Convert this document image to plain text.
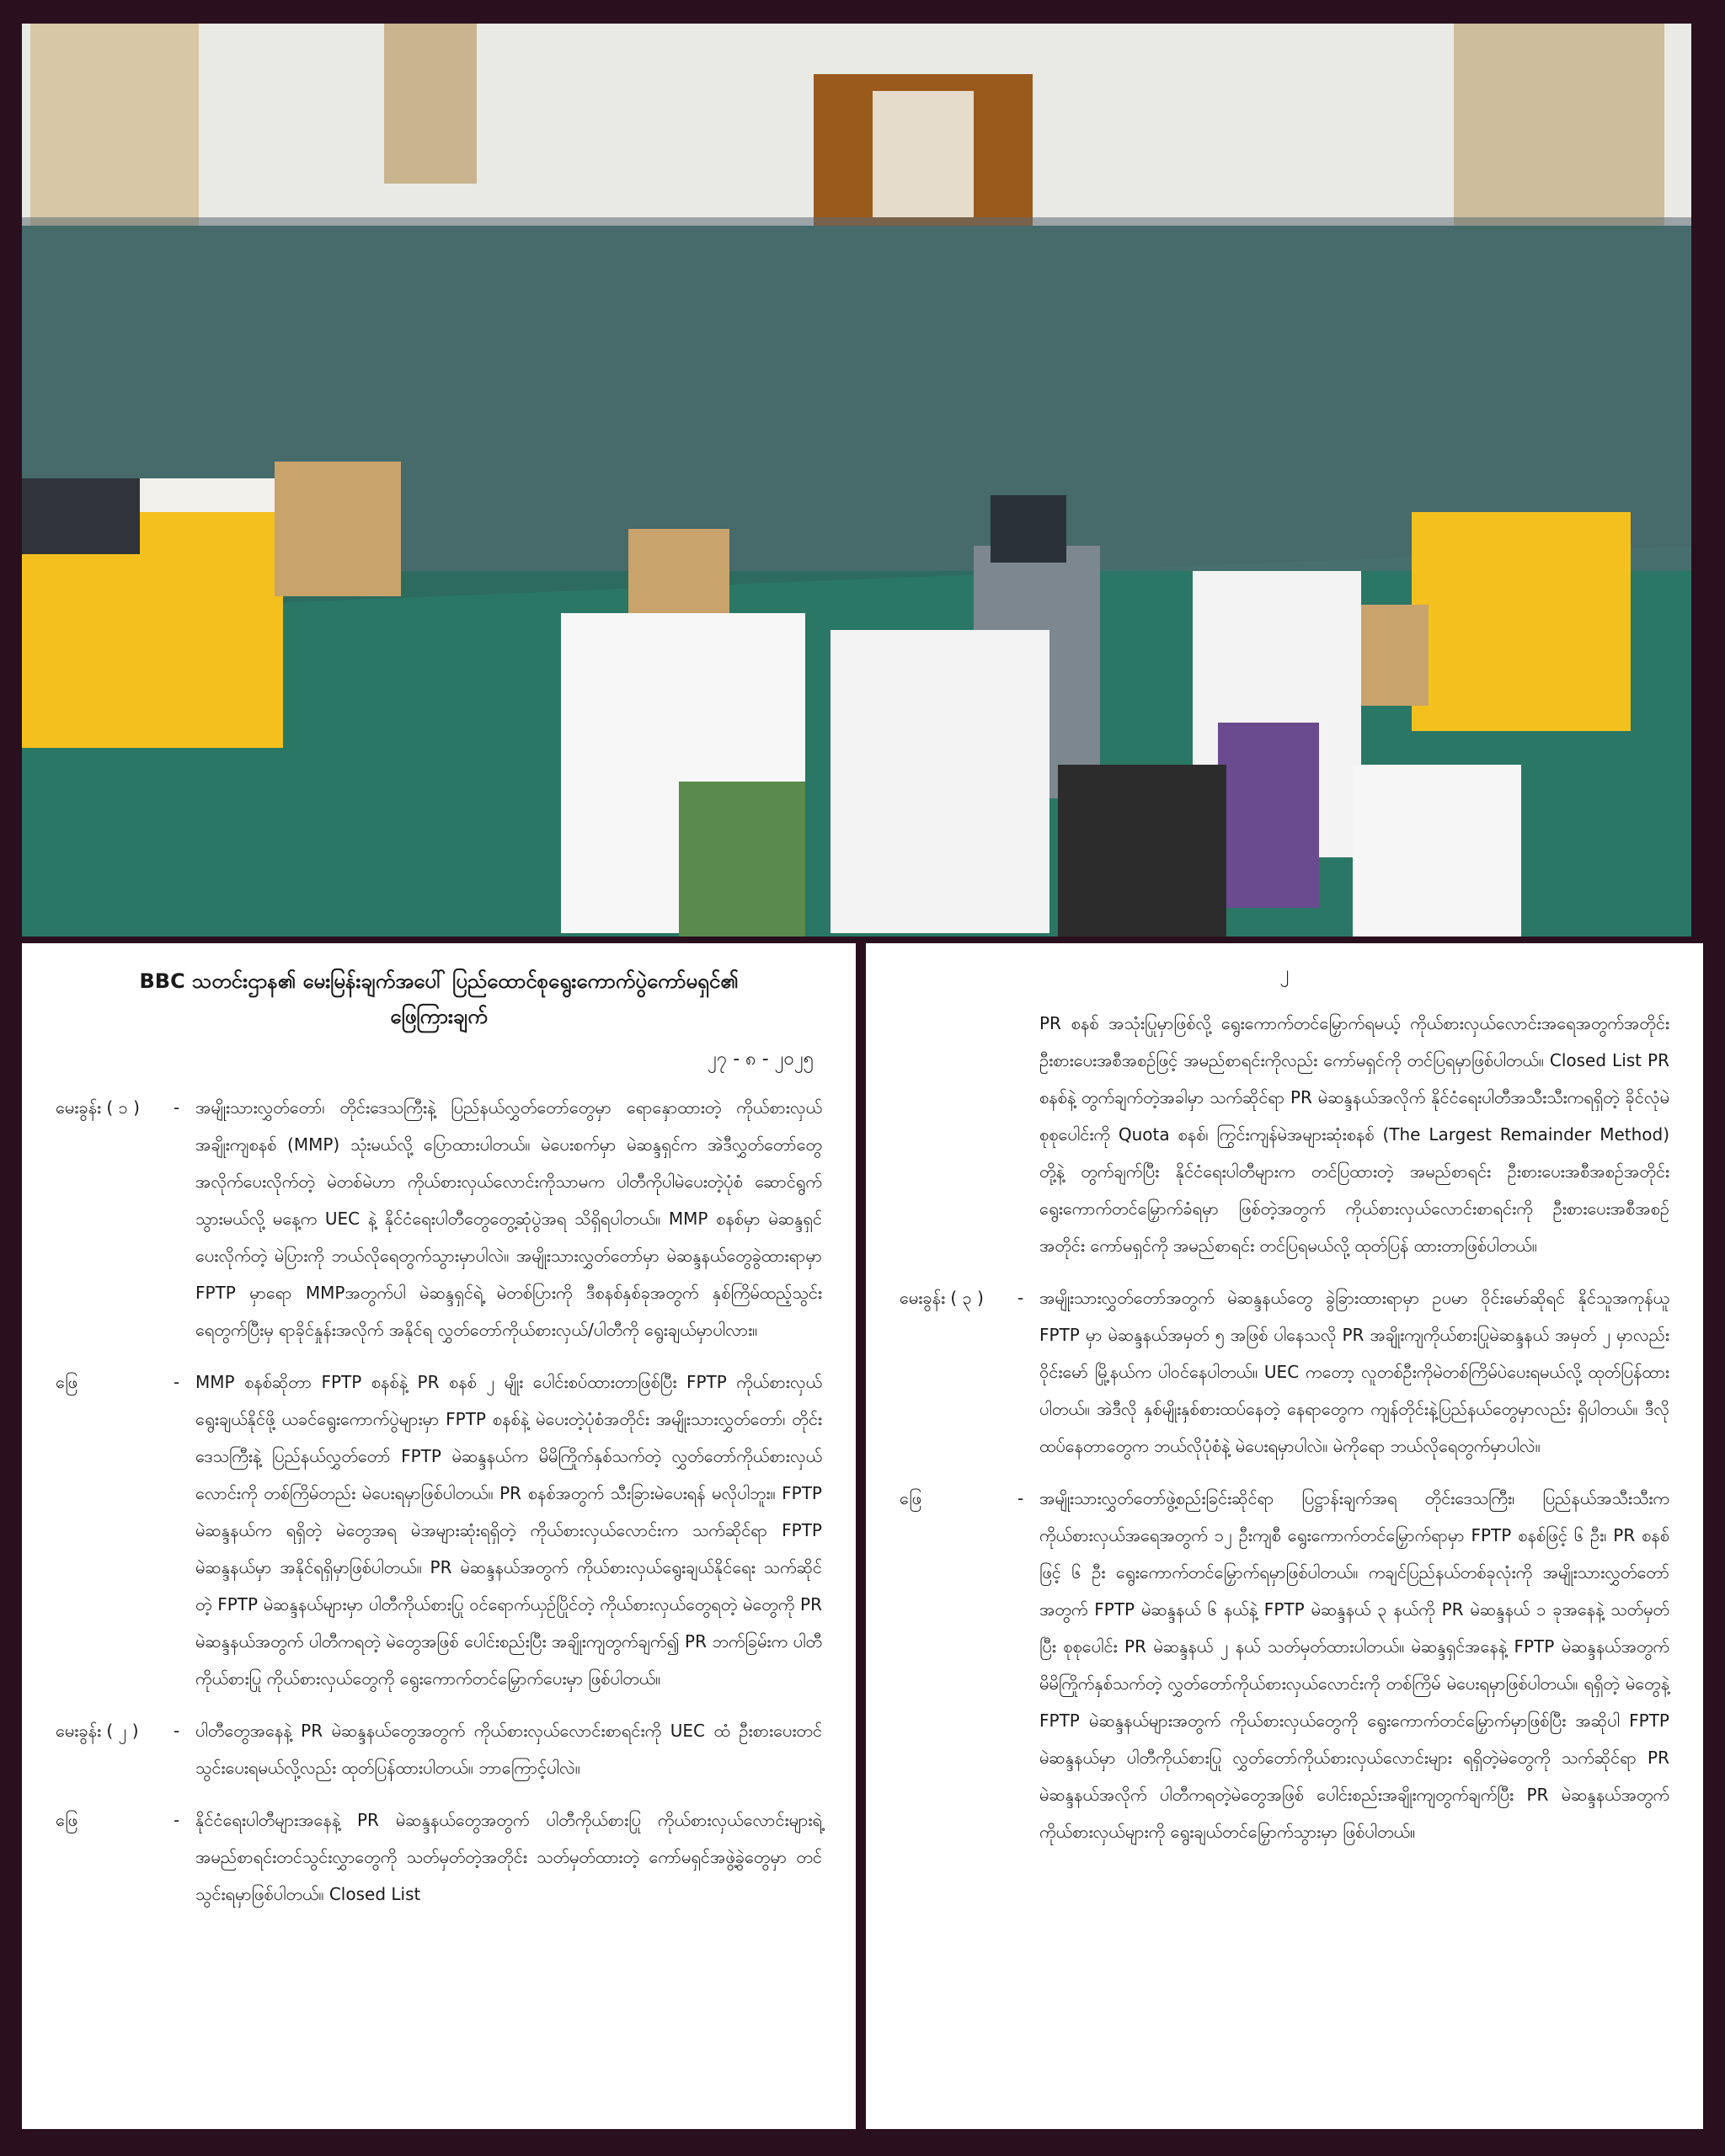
BBC သတင်းဌာန၏ မေးမြန်းချက်အပေါ် ပြည်ထောင်စုရွေးကောက်ပွဲကော်မရှင်၏
ဖြေကြားချက်
၂၇ - ၈ - ၂၀၂၅
မေးခွန်း ( ၁ )	- အမျိုးသားလွှတ်တော်၊ တိုင်းဒေသကြီးနဲ့ ပြည်နယ်လွှတ်တော်တွေမှာ ရောနှောထားတဲ့ ကိုယ်စားလှယ်အချိုးကျစနစ် (MMP) သုံးမယ်လို့ ပြောထားပါတယ်။ မဲပေးစက်မှာ မဲဆန္ဒရှင်က အဲဒီလွှတ်တော်တွေအလိုက်ပေးလိုက်တဲ့ မဲတစ်မဲဟာ ကိုယ်စားလှယ်လောင်းကိုသာမက ပါတီကိုပါမဲပေးတဲ့ပုံစံ ဆောင်ရွက်သွားမယ်လို့ မနေ့က UEC နဲ့ နိုင်ငံရေးပါတီတွေတွေ့ဆုံပွဲအရ သိရှိရပါတယ်။ MMP စနစ်မှာ မဲဆန္ဒရှင်ပေးလိုက်တဲ့ မဲပြားကို ဘယ်လိုရေတွက်သွားမှာပါလဲ။ အမျိုးသားလွှတ်တော်မှာ မဲဆန္ဒနယ်တွေခွဲထားရာမှာ FPTP မှာရော MMPအတွက်ပါ မဲဆန္ဒရှင်ရဲ့ မဲတစ်ပြားကို ဒီစနစ်နှစ်ခုအတွက် နှစ်ကြိမ်ထည့်သွင်းရေတွက်ပြီးမှ ရာခိုင်နှုန်းအလိုက် အနိုင်ရ လွှတ်တော်ကိုယ်စားလှယ်/ပါတီကို ရွေးချယ်မှာပါလား။
ဖြေ	- MMP စနစ်ဆိုတာ FPTP စနစ်နဲ့ PR စနစ် ၂ မျိုး ပေါင်းစပ်ထားတာဖြစ်ပြီး FPTP ကိုယ်စားလှယ် ရွေးချယ်နိုင်ဖို့ ယခင်ရွေးကောက်ပွဲများမှာ FPTP စနစ်နဲ့ မဲပေးတဲ့ပုံစံအတိုင်း အမျိုးသားလွှတ်တော်၊ တိုင်းဒေသကြီးနဲ့ ပြည်နယ်လွှတ်တော် FPTP မဲဆန္ဒနယ်က မိမိကြိုက်နှစ်သက်တဲ့ လွှတ်တော်ကိုယ်စားလှယ်လောင်းကို တစ်ကြိမ်တည်း မဲပေးရမှာဖြစ်ပါတယ်။ PR စနစ်အတွက် သီးခြားမဲပေးရန် မလိုပါဘူး။ FPTP မဲဆန္ဒနယ်က ရရှိတဲ့ မဲတွေအရ မဲအများဆုံးရရှိတဲ့ ကိုယ်စားလှယ်လောင်းက သက်ဆိုင်ရာ FPTP မဲဆန္ဒနယ်မှာ အနိုင်ရရှိမှာဖြစ်ပါတယ်။ PR မဲဆန္ဒနယ်အတွက် ကိုယ်စားလှယ်ရွေးချယ်နိုင်ရေး သက်ဆိုင်တဲ့ FPTP မဲဆန္ဒနယ်များမှာ ပါတီကိုယ်စားပြု ဝင်ရောက်ယှဉ်ပြိုင်တဲ့ ကိုယ်စားလှယ်တွေရတဲ့ မဲတွေကို PR မဲဆန္ဒနယ်အတွက် ပါတီကရတဲ့ မဲတွေအဖြစ် ပေါင်းစည်းပြီး အချိုးကျတွက်ချက်၍ PR ဘက်ခြမ်းက ပါတီကိုယ်စားပြု ကိုယ်စားလှယ်တွေကို ရွေးကောက်တင်မြှောက်ပေးမှာ ဖြစ်ပါတယ်။
မေးခွန်း ( ၂ )	- ပါတီတွေအနေနဲ့ PR မဲဆန္ဒနယ်တွေအတွက် ကိုယ်စားလှယ်လောင်းစာရင်းကို UEC ထံ ဦးစားပေးတင်သွင်းပေးရမယ်လို့လည်း ထုတ်ပြန်ထားပါတယ်။ ဘာကြောင့်ပါလဲ။
ဖြေ	- နိုင်ငံရေးပါတီများအနေနဲ့ PR မဲဆန္ဒနယ်တွေအတွက် ပါတီကိုယ်စားပြု ကိုယ်စားလှယ်လောင်းများရဲ့ အမည်စာရင်းတင်သွင်းလွှာတွေကို သတ်မှတ်တဲ့အတိုင်း သတ်မှတ်ထားတဲ့ ကော်မရှင်အဖွဲ့ခွဲတွေမှာ တင်သွင်းရမှာဖြစ်ပါတယ်။ Closed List
၂
PR စနစ် အသုံးပြုမှာဖြစ်လို့ ရွေးကောက်တင်မြှောက်ရမယ့် ကိုယ်စားလှယ်လောင်းအရေအတွက်အတိုင်း ဦးစားပေးအစီအစဉ်ဖြင့် အမည်စာရင်းကိုလည်း ကော်မရှင်ကို တင်ပြရမှာဖြစ်ပါတယ်။ Closed List PR စနစ်နဲ့ တွက်ချက်တဲ့အခါမှာ သက်ဆိုင်ရာ PR မဲဆန္ဒနယ်အလိုက် နိုင်ငံရေးပါတီအသီးသီးကရရှိတဲ့ ခိုင်လုံမဲစုစုပေါင်းကို Quota စနစ်၊ ကြွင်းကျန်မဲအများဆုံးစနစ် (The Largest Remainder Method) တို့နဲ့ တွက်ချက်ပြီး နိုင်ငံရေးပါတီများက တင်ပြထားတဲ့ အမည်စာရင်း ဦးစားပေးအစီအစဉ်အတိုင်း ရွေးကောက်တင်မြှောက်ခံရမှာ ဖြစ်တဲ့အတွက် ကိုယ်စားလှယ်လောင်းစာရင်းကို ဦးစားပေးအစီအစဉ်အတိုင်း ကော်မရှင်ကို အမည်စာရင်း တင်ပြရမယ်လို့ ထုတ်ပြန် ထားတာဖြစ်ပါတယ်။
မေးခွန်း ( ၃ )	- အမျိုးသားလွှတ်တော်အတွက် မဲဆန္ဒနယ်တွေ ခွဲခြားထားရာမှာ ဥပမာ ဝိုင်းမော်ဆိုရင် နိုင်သူအကုန်ယူ FPTP မှာ မဲဆန္ဒနယ်အမှတ် ၅ အဖြစ် ပါနေသလို PR အချိုးကျကိုယ်စားပြုမဲဆန္ဒနယ် အမှတ် ၂ မှာလည်း ဝိုင်းမော် မြို့နယ်က ပါဝင်နေပါတယ်။ UEC ကတော့ လူတစ်ဦးကိုမဲတစ်ကြိမ်ပဲပေးရမယ်လို့ ထုတ်ပြန်ထားပါတယ်။ အဲဒီလို နှစ်မျိုးနှစ်စားထပ်နေတဲ့ နေရာတွေက ကျန်တိုင်းနဲ့ပြည်နယ်တွေမှာလည်း ရှိပါတယ်။ ဒီလို ထပ်နေတာတွေက ဘယ်လိုပုံစံနဲ့ မဲပေးရမှာပါလဲ။ မဲကိုရော ဘယ်လိုရေတွက်မှာပါလဲ။
ဖြေ	- အမျိုးသားလွှတ်တော်ဖွဲ့စည်းခြင်းဆိုင်ရာ ပြဋ္ဌာန်းချက်အရ တိုင်းဒေသကြီး၊ ပြည်နယ်အသီးသီးက ကိုယ်စားလှယ်အရေအတွက် ၁၂ ဦးကျစီ ရွေးကောက်တင်မြှောက်ရာမှာ FPTP စနစ်ဖြင့် ၆ ဦး၊ PR စနစ်ဖြင့် ၆ ဦး ရွေးကောက်တင်မြှောက်ရမှာဖြစ်ပါတယ်။ ကချင်ပြည်နယ်တစ်ခုလုံးကို အမျိုးသားလွှတ်တော်အတွက် FPTP မဲဆန္ဒနယ် ၆ နယ်နဲ့ FPTP မဲဆန္ဒနယ် ၃ နယ်ကို PR မဲဆန္ဒနယ် ၁ ခုအနေနဲ့ သတ်မှတ်ပြီး စုစုပေါင်း PR မဲဆန္ဒနယ် ၂ နယ် သတ်မှတ်ထားပါတယ်။ မဲဆန္ဒရှင်အနေနဲ့ FPTP မဲဆန္ဒနယ်အတွက် မိမိကြိုက်နှစ်သက်တဲ့ လွှတ်တော်ကိုယ်စားလှယ်လောင်းကို တစ်ကြိမ် မဲပေးရမှာဖြစ်ပါတယ်။ ရရှိတဲ့ မဲတွေနဲ့ FPTP မဲဆန္ဒနယ်များအတွက် ကိုယ်စားလှယ်တွေကို ရွေးကောက်တင်မြှောက်မှာဖြစ်ပြီး အဆိုပါ FPTP မဲဆန္ဒနယ်မှာ ပါတီကိုယ်စားပြု လွှတ်တော်ကိုယ်စားလှယ်လောင်းများ ရရှိတဲ့မဲတွေကို သက်ဆိုင်ရာ PR မဲဆန္ဒနယ်အလိုက် ပါတီကရတဲ့မဲတွေအဖြစ် ပေါင်းစည်းအချိုးကျတွက်ချက်ပြီး PR မဲဆန္ဒနယ်အတွက် ကိုယ်စားလှယ်များကို ရွေးချယ်တင်မြှောက်သွားမှာ ဖြစ်ပါတယ်။
